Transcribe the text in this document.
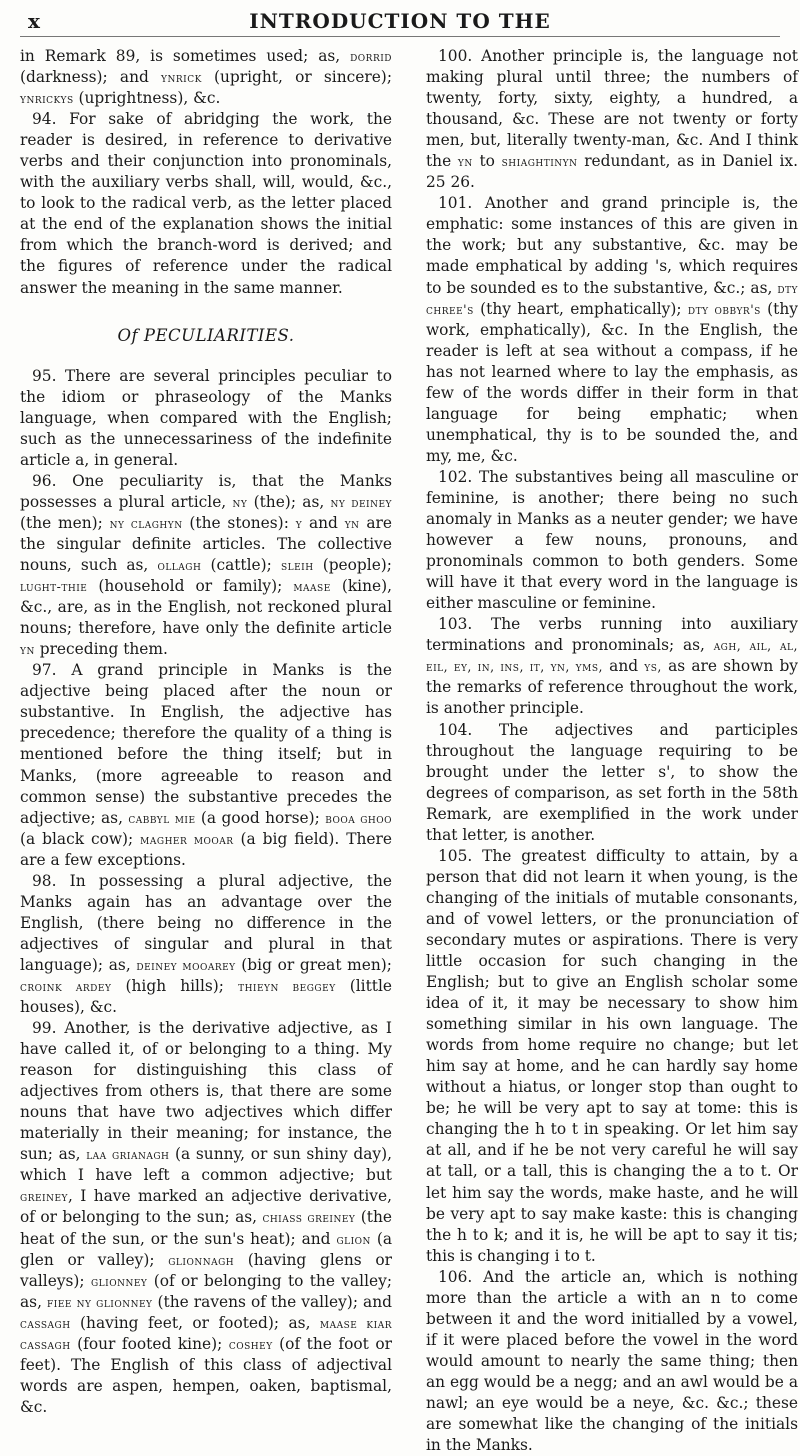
x	INTRODUCTION TO THE

in Remark 89, is sometimes used; as, dorrid (darkness); and ynrick (upright, or sincere); ynrickys (uprightness), &c.

94. For sake of abridging the work, the reader is desired, in reference to derivative verbs and their conjunction into pronominals, with the auxiliary verbs shall, will, would, &c., to look to the radical verb, as the letter placed at the end of the explanation shows the initial from which the branch-word is derived; and the figures of reference under the radical answer the meaning in the same manner.

Of PECULIARITIES.

95. There are several principles peculiar to the idiom or phraseology of the Manks language, when compared with the English; such as the unnecessariness of the indefinite article a, in general.

96. One peculiarity is, that the Manks possesses a plural article, ny (the); as, ny deiney (the men); ny claghyn (the stones): y and yn are the singular definite articles. The collective nouns, such as, ollagh (cattle); sleih (people); lught-thie (household or family); maase (kine), &c., are, as in the English, not reckoned plural nouns; therefore, have only the definite article yn preceding them.

97. A grand principle in Manks is the adjective being placed after the noun or substantive. In English, the adjective has precedence; therefore the quality of a thing is mentioned before the thing itself; but in Manks, (more agreeable to reason and common sense) the substantive precedes the adjective; as, cabbyl mie (a good horse); booa ghoo (a black cow); magher mooar (a big field). There are a few exceptions.

98. In possessing a plural adjective, the Manks again has an advantage over the English, (there being no difference in the adjectives of singular and plural in that language); as, deiney mooarey (big or great men); croink ardey (high hills); thieyn beggey (little houses), &c.

99. Another, is the derivative adjective, as I have called it, of or belonging to a thing. My reason for distinguishing this class of adjectives from others is, that there are some nouns that have two adjectives which differ materially in their meaning; for instance, the sun; as, laa grianagh (a sunny, or sun shiny day), which I have left a common adjective; but greiney, I have marked an adjective derivative, of or belonging to the sun; as, chiass greiney (the heat of the sun, or the sun's heat); and glion (a glen or valley); glionnagh (having glens or valleys); glionney (of or belonging to the valley; as, fiee ny glionney (the ravens of the valley); and cassagh (having feet, or footed); as, maase kiar cassagh (four footed kine); coshey (of the foot or feet). The English of this class of adjectival words are aspen, hempen, oaken, baptismal, &c.

100. Another principle is, the language not making plural until three; the numbers of twenty, forty, sixty, eighty, a hundred, a thousand, &c. These are not twenty or forty men, but, literally twenty-man, &c. And I think the yn to shiaghtinyn redundant, as in Daniel ix. 25 26.

101. Another and grand principle is, the emphatic: some instances of this are given in the work; but any substantive, &c. may be made emphatical by adding 's, which requires to be sounded es to the substantive, &c.; as, dty chree's (thy heart, emphatically); dty obbyr's (thy work, emphatically), &c. In the English, the reader is left at sea without a compass, if he has not learned where to lay the emphasis, as few of the words differ in their form in that language for being emphatic; when unemphatical, thy is to be sounded the, and my, me, &c.

102. The substantives being all masculine or feminine, is another; there being no such anomaly in Manks as a neuter gender; we have however a few nouns, pronouns, and pronominals common to both genders. Some will have it that every word in the language is either masculine or feminine.

103. The verbs running into auxiliary terminations and pronominals; as, agh, ail, al, eil, ey, in, ins, it, yn, yms, and ys, as are shown by the remarks of reference throughout the work, is another principle.

104. The adjectives and participles throughout the language requiring to be brought under the letter s', to show the degrees of comparison, as set forth in the 58th Remark, are exemplified in the work under that letter, is another.

105. The greatest difficulty to attain, by a person that did not learn it when young, is the changing of the initials of mutable consonants, and of vowel letters, or the pronunciation of secondary mutes or aspirations. There is very little occasion for such changing in the English; but to give an English scholar some idea of it, it may be necessary to show him something similar in his own language. The words from home require no change; but let him say at home, and he can hardly say home without a hiatus, or longer stop than ought to be; he will be very apt to say at tome: this is changing the h to t in speaking. Or let him say at all, and if he be not very careful he will say at tall, or a tall, this is changing the a to t. Or let him say the words, make haste, and he will be very apt to say make kaste: this is changing the h to k; and it is, he will be apt to say it tis; this is changing i to t.

106. And the article an, which is nothing more than the article a with an n to come between it and the word initialled by a vowel, if it were placed before the vowel in the word would amount to nearly the same thing; then an egg would be a negg; and an awl would be a nawl; an eye would be a neye, &c. &c.; these are somewhat like the changing of the initials in the Manks.
